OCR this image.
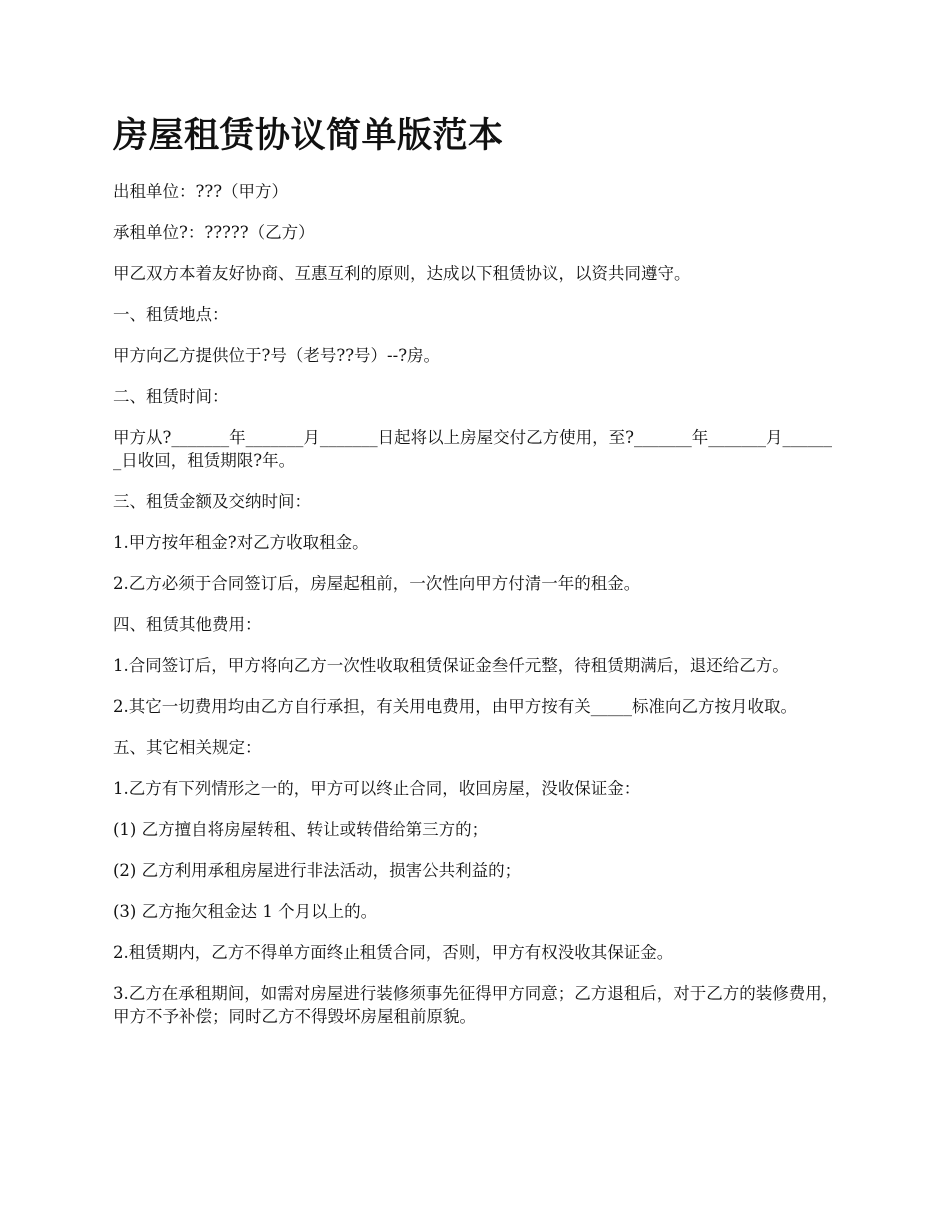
房屋租赁协议简单版范本

出租单位：???（甲方）

承租单位?：?????（乙方）

甲乙双方本着友好协商、互惠互利的原则，达成以下租赁协议，以资共同遵守。

一、租赁地点：

甲方向乙方提供位于?号（老号??号）--?房。

二、租赁时间：

甲方从?_______年_______月_______日起将以上房屋交付乙方使用，至?_______年_______月_______日收回，租赁期限?年。

三、租赁金额及交纳时间：

1.甲方按年租金?对乙方收取租金。

2.乙方必须于合同签订后，房屋起租前，一次性向甲方付清一年的租金。

四、租赁其他费用：

1.合同签订后，甲方将向乙方一次性收取租赁保证金叁仟元整，待租赁期满后，退还给乙方。

2.其它一切费用均由乙方自行承担，有关用电费用，由甲方按有关_____标准向乙方按月收取。

五、其它相关规定：

1.乙方有下列情形之一的，甲方可以终止合同，收回房屋，没收保证金：

(1) 乙方擅自将房屋转租、转让或转借给第三方的；

(2) 乙方利用承租房屋进行非法活动，损害公共利益的；

(3) 乙方拖欠租金达 1 个月以上的。

2.租赁期内，乙方不得单方面终止租赁合同，否则，甲方有权没收其保证金。

3.乙方在承租期间，如需对房屋进行装修须事先征得甲方同意；乙方退租后，对于乙方的装修费用，甲方不予补偿；同时乙方不得毁坏房屋租前原貌。
